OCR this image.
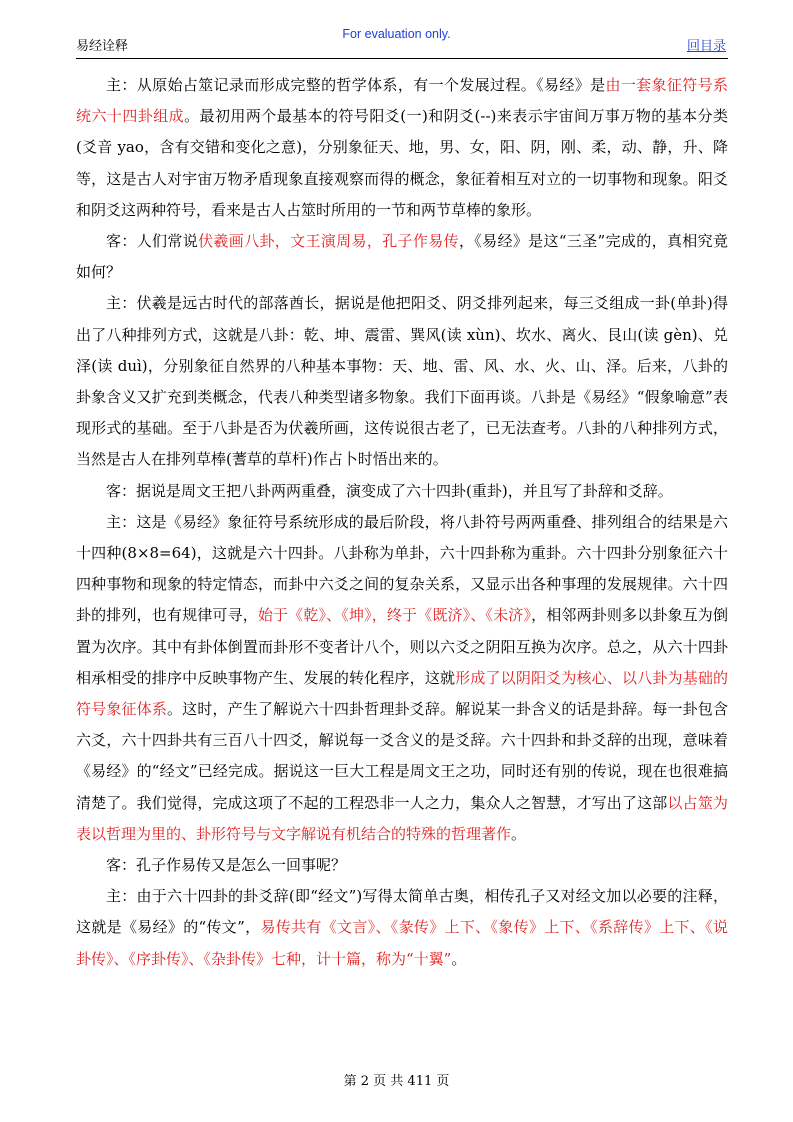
For evaluation only.
易经诠释	回目录

主：从原始占筮记录而形成完整的哲学体系，有一个发展过程。《易经》是由一套象征符号系统六十四卦组成。最初用两个最基本的符号阳爻(一)和阴爻(--)来表示宇宙间万事万物的基本分类(爻音 yao，含有交错和变化之意)，分别象征天、地，男、女，阳、阴，刚、柔，动、静，升、降等，这是古人对宇宙万物矛盾现象直接观察而得的概念，象征着相互对立的一切事物和现象。阳爻和阴爻这两种符号，看来是古人占筮时所用的一节和两节草棒的象形。

客：人们常说伏羲画八卦，文王演周易，孔子作易传，《易经》是这“三圣”完成的，真相究竟如何？

主：伏羲是远古时代的部落酋长，据说是他把阳爻、阴爻排列起来，每三爻组成一卦(单卦)得出了八种排列方式，这就是八卦：乾、坤、震雷、巽风(读 xùn)、坎水、离火、艮山(读 gèn)、兑泽(读 duì)，分别象征自然界的八种基本事物：天、地、雷、风、水、火、山、泽。后来，八卦的卦象含义又扩充到类概念，代表八种类型诸多物象。我们下面再谈。八卦是《易经》“假象喻意”表现形式的基础。至于八卦是否为伏羲所画，这传说很古老了，已无法查考。八卦的八种排列方式，当然是古人在排列草棒(蓍草的草杆)作占卜时悟出来的。

客：据说是周文王把八卦两两重叠，演变成了六十四卦(重卦)，并且写了卦辞和爻辞。

主：这是《易经》象征符号系统形成的最后阶段，将八卦符号两两重叠、排列组合的结果是六十四种(8×8=64)，这就是六十四卦。八卦称为单卦，六十四卦称为重卦。六十四卦分别象征六十四种事物和现象的特定情态，而卦中六爻之间的复杂关系，又显示出各种事理的发展规律。六十四卦的排列，也有规律可寻，始于《乾》、《坤》，终于《既济》、《未济》，相邻两卦则多以卦象互为倒置为次序。其中有卦体倒置而卦形不变者计八个，则以六爻之阴阳互换为次序。总之，从六十四卦相承相受的排序中反映事物产生、发展的转化程序，这就形成了以阴阳爻为核心、以八卦为基础的符号象征体系。这时，产生了解说六十四卦哲理卦爻辞。解说某一卦含义的话是卦辞。每一卦包含六爻，六十四卦共有三百八十四爻，解说每一爻含义的是爻辞。六十四卦和卦爻辞的出现，意味着《易经》的“经文”已经完成。据说这一巨大工程是周文王之功，同时还有别的传说，现在也很难搞清楚了。我们觉得，完成这项了不起的工程恐非一人之力，集众人之智慧，才写出了这部以占筮为表以哲理为里的、卦形符号与文字解说有机结合的特殊的哲理著作。

客：孔子作易传又是怎么一回事呢？

主：由于六十四卦的卦爻辞(即“经文”)写得太简单古奥，相传孔子又对经文加以必要的注释，这就是《易经》的“传文”，易传共有《文言》、《彖传》上下、《象传》上下、《系辞传》上下、《说卦传》、《序卦传》、《杂卦传》七种，计十篇，称为“十翼”。

第 2 页 共 411 页
